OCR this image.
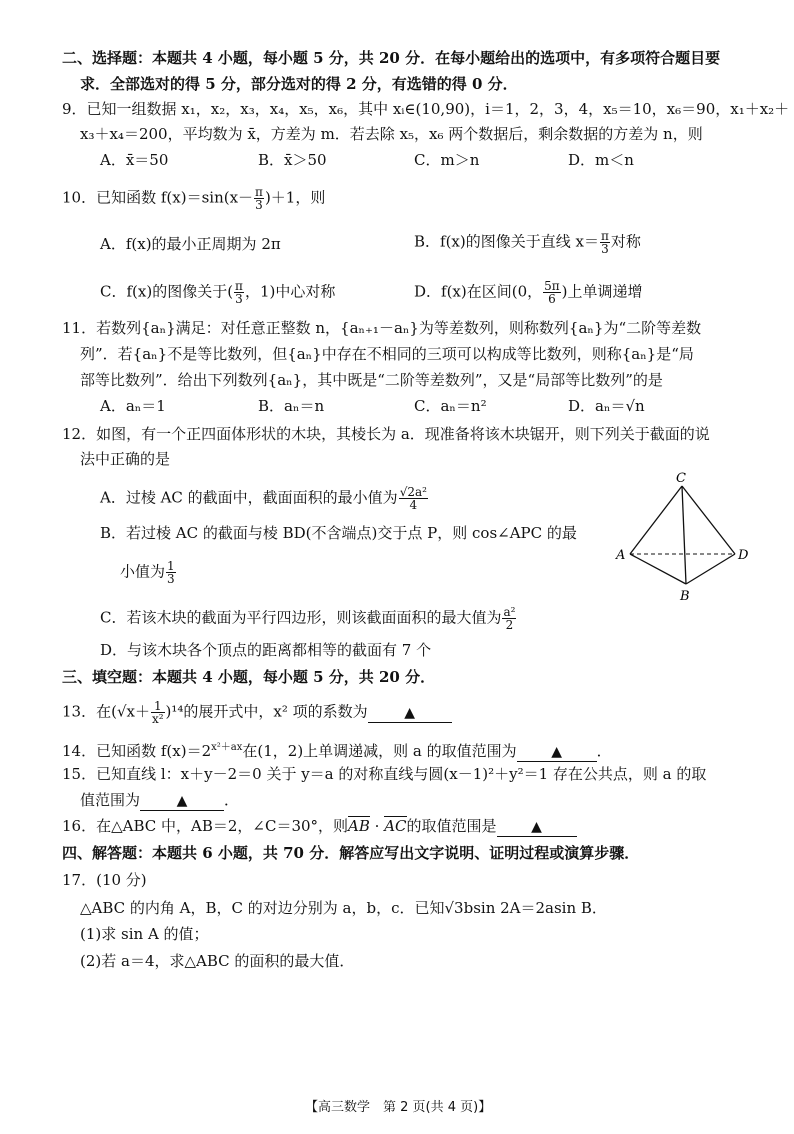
二、选择题：本题共 4 小题，每小题 5 分，共 20 分．在每小题给出的选项中，有多项符合题目要
求．全部选对的得 5 分，部分选对的得 2 分，有选错的得 0 分．
9．已知一组数据 x₁，x₂，x₃，x₄，x₅，x₆，其中 xᵢ∈(10,90)，i＝1，2，3，4，x₅＝10，x₆＝90，x₁＋x₂＋
x₃＋x₄＝200，平均数为 x̄，方差为 m．若去除 x₅，x₆ 两个数据后，剩余数据的方差为 n，则
A．x̄＝50	B．x̄＞50	C．m＞n	D．m＜n
10．已知函数 $f(x)=\sin(x- \frac{\pi}{3} )+1$，则
A．f(x)的最小正周期为 2π	B．f(x)的图像关于直线 $x= \frac{\pi}{3}$ 对称
C．f(x)的图像关于( $\frac{\pi}{3}$ ，1)中心对称	D．f(x)在区间(0， $\frac{5\pi}{6}$ )上单调递增
11．若数列{aₙ}满足：对任意正整数 n，{aₙ₊₁－aₙ}为等差数列，则称数列{aₙ}为“二阶等差数
列”．若{aₙ}不是等比数列，但{aₙ}中存在不相同的三项可以构成等比数列，则称{aₙ}是“局
部等比数列”．给出下列数列{aₙ}，其中既是“二阶等差数列”，又是“局部等比数列”的是
A．aₙ＝1	B．aₙ＝n	C．aₙ＝n²	D．aₙ＝√n
12．如图，有一个正四面体形状的木块，其棱长为 a．现准备将该木块锯开，则下列关于截面的说
法中正确的是
A．过棱 AC 的截面中，截面面积的最小值为 $\frac{\text{√2a²}}{4}$
B．若过棱 AC 的截面与棱 BD(不含端点)交于点 P，则 cos∠APC 的最
小值为 $\frac{1}{3}$
C．若该木块的截面为平行四边形，则该截面面积的最大值为 $\frac{\text{a²}}{2}$
D．与该木块各个顶点的距离都相等的截面有 7 个
C
A	D
B
三、填空题：本题共 4 小题，每小题 5 分，共 20 分．
13．在$(√x+ \frac{1}{\text{x²}} )^{14}$的展开式中，x² 项的系数为	▲
14．已知函数 $f(x)=2^{x^2+ax}$在(1，2)上单调递减，则 a 的取值范围为 ▲ ．
15．已知直线 l：x＋y－2＝0 关于 y＝a 的对称直线与圆(x－1)²＋y²＝1 存在公共点，则 a 的取
值范围为	▲ ．
16．在△ABC 中，AB＝2，∠C＝30°，则AB · AC的取值范围是 ▲
四、解答题：本题共 6 小题，共 70 分．解答应写出文字说明、证明过程或演算步骤．
17．(10 分)
△ABC 的内角 A，B，C 的对边分别为 a，b，c．已知√3bsin 2A＝2asin B．
(1)求 sin A 的值；
(2)若 a＝4，求△ABC 的面积的最大值．
【高三数学　第 2 页(共 4 页)】
